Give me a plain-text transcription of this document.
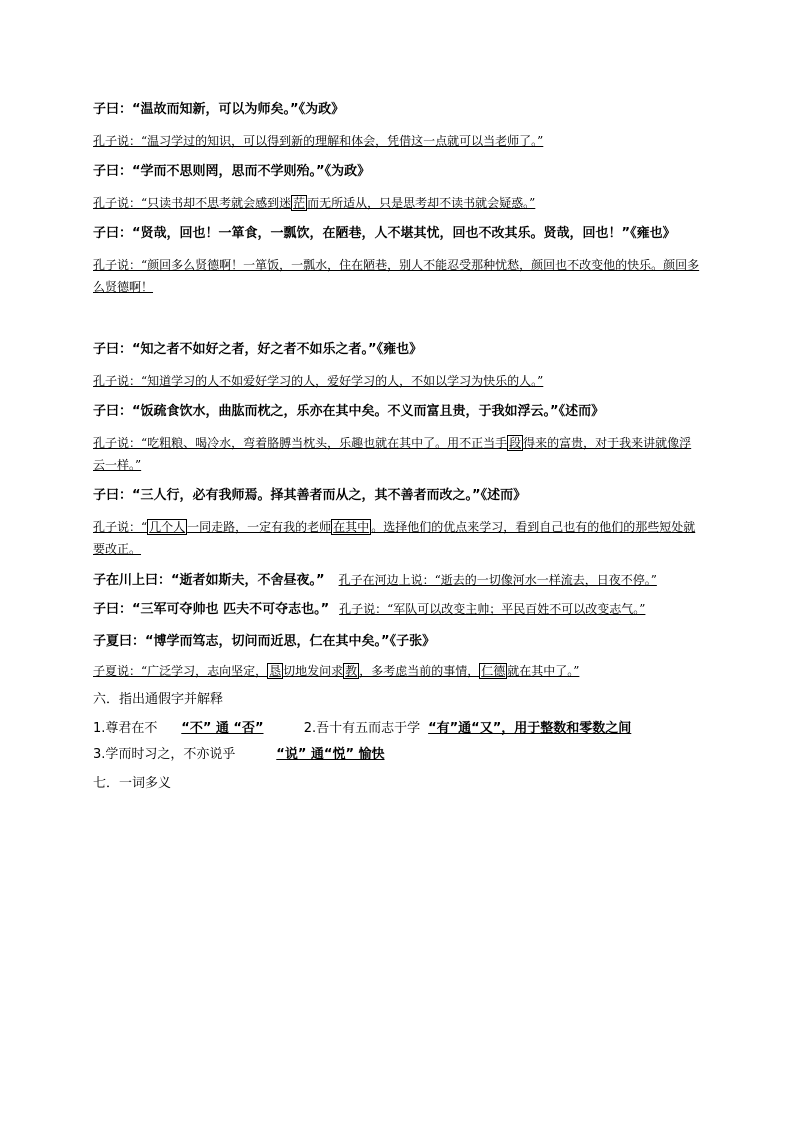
子曰：“温故而知新，可以为师矣。”《为政》

孔子说：“温习学过的知识，可以得到新的理解和体会，凭借这一点就可以当老师了。”

子曰：“学而不思则罔，思而不学则殆。”《为政》

孔子说：“只读书却不思考就会感到迷 茫 而无所适从，只是思考却不读书就会疑惑。”

子曰：“贤哉，回也！一箪食，一瓢饮，在陋巷，人不堪其忧，回也不改其乐。贤哉，回也！”《雍也》

孔子说：“颜回多么贤德啊！一箪饭，一瓢水，住在陋巷，别人不能忍受那种忧愁，颜回也不改变他的快乐。颜回多么贤德啊！

子曰：“知之者不如好之者，好之者不如乐之者。”《雍也》

孔子说：“知道学习的人不如爱好学习的人，爱好学习的人，不如以学习为快乐的人。”

子曰：“饭疏食饮水，曲肱而枕之，乐亦在其中矣。不义而富且贵，于我如浮云。”《述而》

孔子说：“吃粗粮、喝冷水，弯着胳膊当枕头，乐趣也就在其中了。用不正当手 段 得来的富贵，对于我来讲就像浮云一样。”

子曰：“三人行，必有我师焉。择其善者而从之，其不善者而改之。”《述而》

孔子说：“ 几个人 一同走路，一定有我的老师 在其中 。选择他们的优点来学习，看到自己也有的他们的那些短处就要改正。

子在川上曰：“逝者如斯夫，不舍昼夜。” 孔子在河边上说：“逝去的一切像河水一样流去，日夜不停。”

子曰：“三军可夺帅也 匹夫不可夺志也。” 孔子说：“军队可以改变主帅；平民百姓不可以改变志气。”

子夏曰：“博学而笃志，切问而近思，仁在其中矣。”《子张》

子夏说：“广泛学习，志向坚定， 恳 切地发问求 教 ，多考虑当前的事情， 仁德 就在其中了。”

六．指出通假字并解释

1.尊君在不 “不” 通 “否”	2.吾十有五而志于学 “有”通“又”，用于整数和零数之间

3.学而时习之，不亦说乎	“说” 通“悦” 愉快

七．一词多义
